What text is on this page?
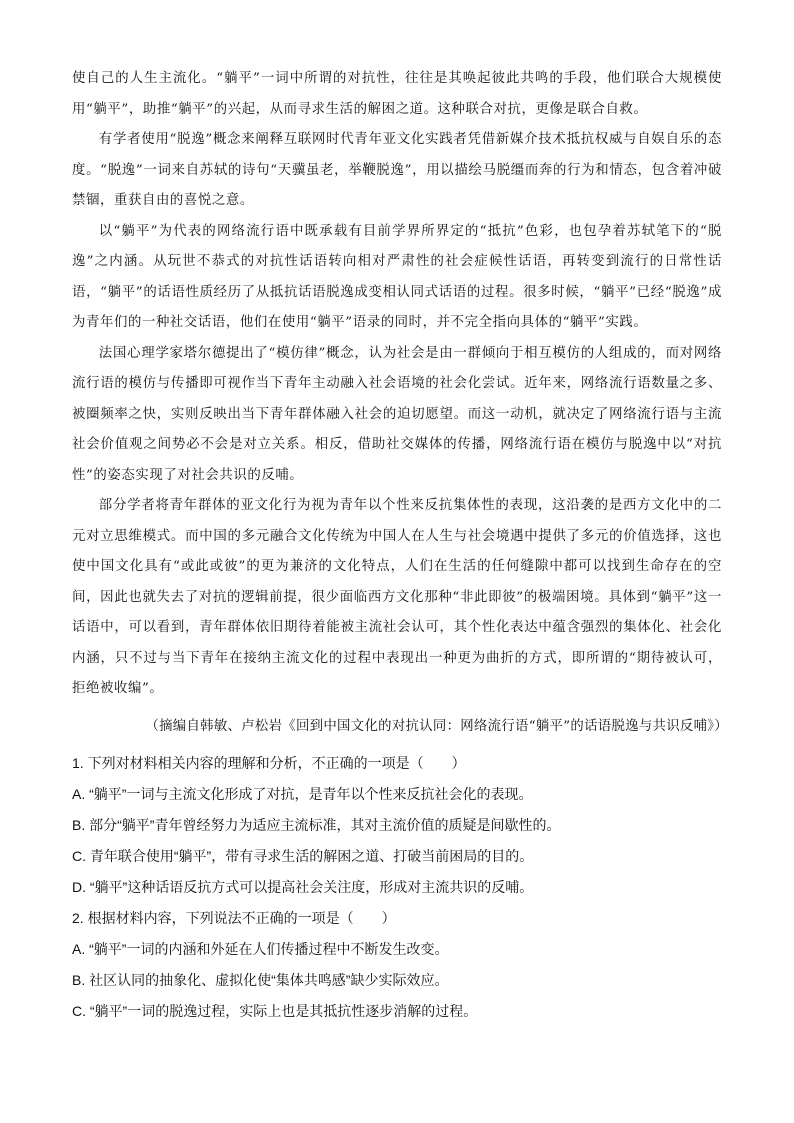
使自己的人生主流化。“躺平”一词中所谓的对抗性，往往是其唤起彼此共鸣的手段，他们联合大规模使用“躺平”，助推“躺平”的兴起，从而寻求生活的解困之道。这种联合对抗，更像是联合自救。

有学者使用“脱逸”概念来阐释互联网时代青年亚文化实践者凭借新媒介技术抵抗权威与自娱自乐的态度。“脱逸”一词来自苏轼的诗句“天骥虽老，举鞭脱逸”，用以描绘马脱缰而奔的行为和情态，包含着冲破禁锢，重获自由的喜悦之意。

以“躺平”为代表的网络流行语中既承载有目前学界所界定的“抵抗”色彩，也包孕着苏轼笔下的“脱逸”之内涵。从玩世不恭式的对抗性话语转向相对严肃性的社会症候性话语，再转变到流行的日常性话语，“躺平”的话语性质经历了从抵抗话语脱逸成变相认同式话语的过程。很多时候，“躺平”已经“脱逸”成为青年们的一种社交话语，他们在使用“躺平”语录的同时，并不完全指向具体的“躺平”实践。

法国心理学家塔尔德提出了“模仿律”概念，认为社会是由一群倾向于相互模仿的人组成的，而对网络流行语的模仿与传播即可视作当下青年主动融入社会语境的社会化尝试。近年来，网络流行语数量之多、被圈频率之快，实则反映出当下青年群体融入社会的迫切愿望。而这一动机，就决定了网络流行语与主流社会价值观之间势必不会是对立关系。相反，借助社交媒体的传播，网络流行语在模仿与脱逸中以“对抗性”的姿态实现了对社会共识的反哺。

部分学者将青年群体的亚文化行为视为青年以个性来反抗集体性的表现，这沿袭的是西方文化中的二元对立思维模式。而中国的多元融合文化传统为中国人在人生与社会境遇中提供了多元的价值选择，这也使中国文化具有“或此或彼”的更为兼济的文化特点，人们在生活的任何缝隙中都可以找到生命存在的空间，因此也就失去了对抗的逻辑前提，很少面临西方文化那种“非此即彼”的极端困境。具体到“躺平”这一话语中，可以看到，青年群体依旧期待着能被主流社会认可，其个性化表达中蕴含强烈的集体化、社会化内涵，只不过与当下青年在接纳主流文化的过程中表现出一种更为曲折的方式，即所谓的“期待被认可，拒绝被收编”。

（摘编自韩敏、卢松岩《回到中国文化的对抗认同：网络流行语“躺平”的话语脱逸与共识反哺》）

1. 下列对材料相关内容的理解和分析，不正确的一项是（　　）
A. “躺平”一词与主流文化形成了对抗，是青年以个性来反抗社会化的表现。
B. 部分“躺平”青年曾经努力为适应主流标准，其对主流价值的质疑是间歇性的。
C. 青年联合使用“躺平”，带有寻求生活的解困之道、打破当前困局的目的。
D. “躺平”这种话语反抗方式可以提高社会关注度，形成对主流共识的反哺。
2. 根据材料内容，下列说法不正确的一项是（　　）
A. “躺平”一词的内涵和外延在人们传播过程中不断发生改变。
B. 社区认同的抽象化、虚拟化使“集体共鸣感”缺少实际效应。
C. “躺平”一词的脱逸过程，实际上也是其抵抗性逐步消解的过程。
